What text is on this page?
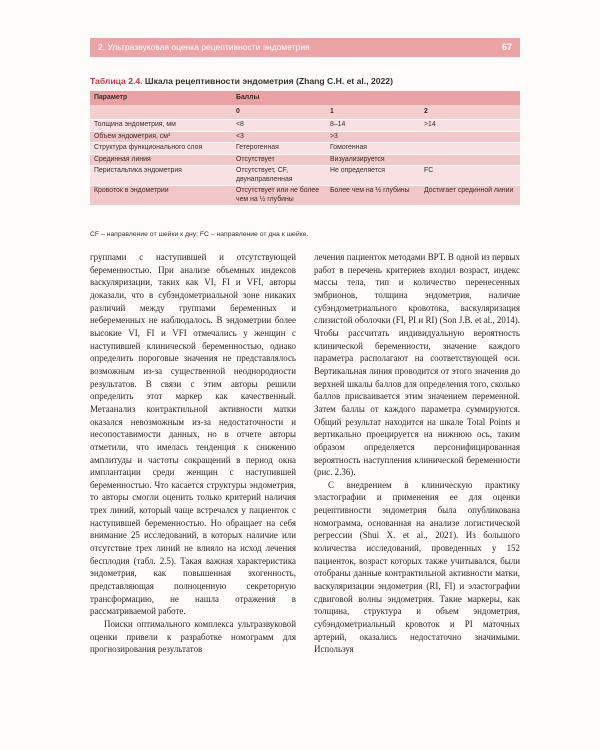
2. Ультразвуковая оценка рецептивности эндометрия	67
Таблица 2.4. Шкала рецептивности эндометрия (Zhang C.H. et al., 2022)
Параметр	Баллы		
	0	1	2
Толщина эндометрия, мм	<8	8–14	>14
Объем эндометрия, см³	<3	>3	
Структура функционального слоя	Гетерогенная	Гомогенная	
Срединная линия	Отсутствует	Визуализируется	
Перистальтика эндометрия	Отсутствует, CF, двунаправленная	Не определяется	FC
Кровоток в эндометрии	Отсутствует или не более чем на ½ глубины	Более чем на ½ глубины	Достигает срединной линии
CF – направление от шейки к дну; FC – направление от дна к шейке.

группами с наступившей и отсутствующей беременностью. При анализе объемных индексов васкуляризации, таких как VI, FI и VFI, авторы доказали, что в субэндометриальной зоне никаких различий между группами беременных и небеременных не наблюдалось. В эндометрии более высокие VI, FI и VFI отмечались у женщин с наступившей клинической беременностью, однако определить пороговые значения не представлялось возможным из-за существенной неоднородности результатов. В связи с этим авторы решили определить этот маркер как качественный. Метаанализ контрактильной активности матки оказался невозможным из-за недостаточности и несопоставимости данных, но в отчете авторы отметили, что имелась тенденция к снижению амплитуды и частоты сокращений в период окна имплантации среди женщин с наступившей беременностью. Что касается структуры эндометрия, то авторы смогли оценить только критерий наличия трех линий, который чаще встречался у пациенток с наступившей беременностью. Но обращает на себя внимание 25 исследований, в которых наличие или отсутствие трех линий не влияло на исход лечения бесплодия (табл. 2.5). Такая важная характеристика эндометрия, как повышенная эхогенность, представляющая полноценную секреторную трансформацию, не нашла отражения в рассматриваемой работе.

Поиски оптимального комплекса ультразвуковой оценки привели к разработке номограмм для прогнозирования результатов

лечения пациенток методами ВРТ. В одной из первых работ в перечень критериев входил возраст, индекс массы тела, тип и количество перенесенных эмбрионов, толщина эндометрия, наличие субэндометриального кровотока, васкуляризация слизистой оболочки (FI, PI и RI) (Son J.B. et al., 2014). Чтобы рассчитать индивидуальную вероятность клинической беременности, значение каждого параметра располагают на соответствующей оси. Вертикальная линия проводится от этого значения до верхней шкалы баллов для определения того, сколько баллов присваивается этим значением переменной. Затем баллы от каждого параметра суммируются. Общий результат находится на шкале Total Points и вертикально проецируется на нижнюю ось, таким образом определяется персонифицированная вероятность наступления клинической беременности (рис. 2.36).

С внедрением в клиническую практику эластографии и применения ее для оценки рецептивности эндометрия была опубликована номограмма, основанная на анализе логистической регрессии (Shui X. et al., 2021). Из большого количества исследований, проведенных у 152 пациенток, возраст которых также учитывался, были отобраны данные контрактильной активности матки, васкуляризации эндометрия (RI, FI) и эластографии сдвиговой волны эндометрия. Такие маркеры, как толщина, структура и объем эндометрия, субэндометриальный кровоток и PI маточных артерий, оказались недостаточно значимыми. Используя
